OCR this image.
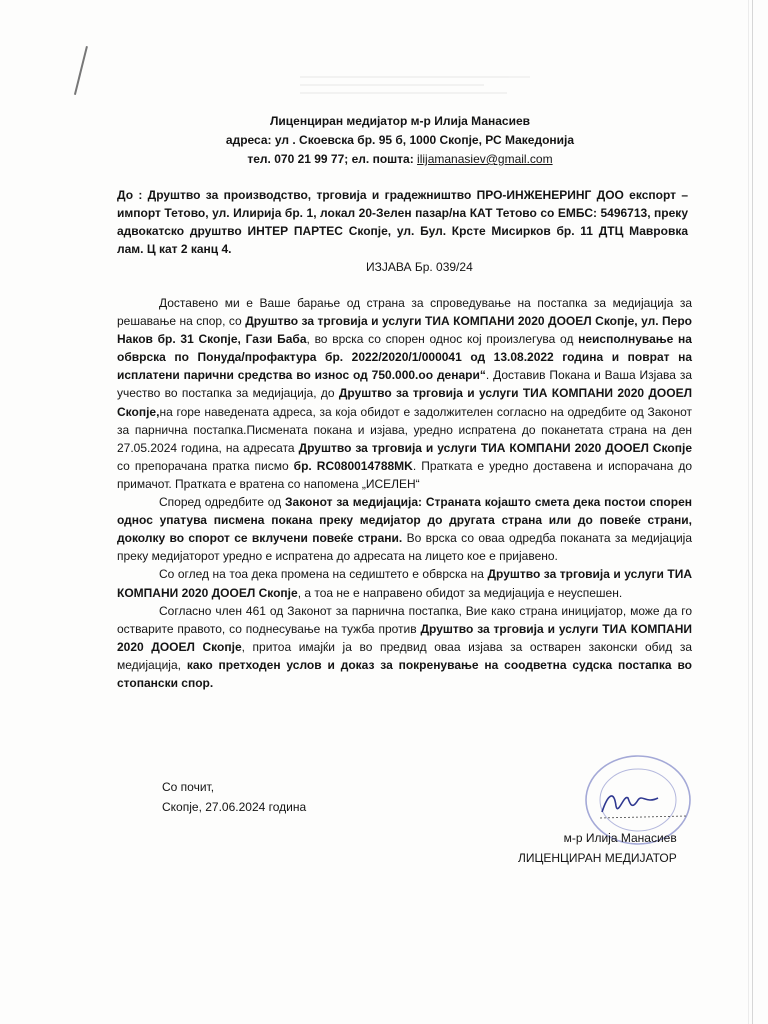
Лиценциран медијатор м-р Илија Манасиев
адреса: ул . Скоевска бр. 95 б, 1000 Скопје, РС Македонија
тел. 070 21 99 77; ел. пошта: ilijamanasiev@gmail.com
До : Друштво за производство, трговија и градежништво ПРО-ИНЖЕНЕРИНГ ДОО експорт – импорт Тетово, ул. Илирија бр. 1, локал 20-Зелен пазар/на КАТ Тетово со ЕМБС: 5496713, преку адвокатско друштво ИНТЕР ПАРТЕС Скопје, ул. Бул. Крсте Мисирков бр. 11 ДТЦ Мавровка лам. Ц кат 2 канц 4.
ИЗЈАВА Бр. 039/24

Доставено ми е Ваше барање од страна за спроведување на постапка за медијација за решавање на спор, со Друштво за трговија и услуги ТИА КОМПАНИ 2020 ДООЕЛ Скопје, ул. Перо Наков бр. 31 Скопје, Гази Баба, во врска со спорен однос кој произлегува од неисполнување на обврска по Понуда/профактура бр. 2022/2020/1/000041 од 13.08.2022 година и поврат на исплатени парични средства во износ од 750.000.оо денари“. Доставив Покана и Ваша Изјава за учество во постапка за медијација, до Друштво за трговија и услуги ТИА КОМПАНИ 2020 ДООЕЛ Скопје,на горе наведената адреса, за која обидот е задолжителен согласно на одредбите од Законот за парнична постапка.Писмената покана и изјава, уредно испратена до поканетата страна на ден 27.05.2024 година, на адресата Друштво за трговија и услуги ТИА КОМПАНИ 2020 ДООЕЛ Скопје со препорачана пратка писмо бр. RC080014788MK. Пратката е уредно доставена и испорачана до примачот. Пратката е вратена со напомена „ИСЕЛЕН“

Според одредбите од Законот за медијација: Страната којашто смета дека постои спорен однос упатува писмена покана преку медијатор до другата страна или до повеќе страни, доколку во спорот се вклучени повеќе страни. Во врска со оваа одредба поканата за медијација преку медијаторот уредно е испратена до адресата на лицето кое е пријавено.

Со оглед на тоа дека промена на седиштето е обврска на Друштво за трговија и услуги ТИА КОМПАНИ 2020 ДООЕЛ Скопје, а тоа не е направено обидот за медијација е неуспешен.

Согласно член 461 од Законот за парнична постапка, Вие како страна иницијатор, може да го остварите правото, со поднесување на тужба против Друштво за трговија и услуги ТИА КОМПАНИ 2020 ДООЕЛ Скопје, притоа имајќи ја во предвид оваа изјава за остварен законски обид за медијација, како претходен услов и доказ за покренување на соодветна судска постапка во стопански спор.

Со почит,
Скопје, 27.06.2024 година
м-р Илија Манасиев
ЛИЦЕНЦИРАН МЕДИЈАТОР
